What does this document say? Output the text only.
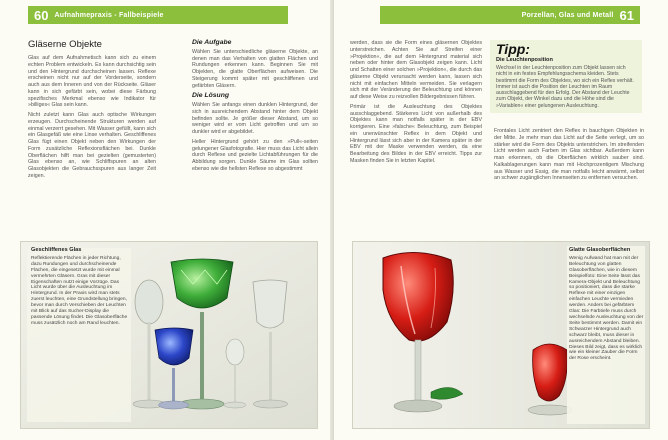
60 Aufnahmepraxis - Fallbeispiele
Gläserne Objekte

Glas auf dem Aufnahmetisch kann sich zu einem echten Problem entwickeln. Es kann durchsichtig sein und den Hintergrund durchscheinen lassen. Reflexe erscheinen nicht nur auf der Vorderseite, sondern auch aus dem Inneren und von der Rückseite. Gläser kann in sich gefärbt sein, wobei diese Färbung spezifisches Merkmal ebenso wie Indikator für »billiges« Glas sein kann.

Nicht zuletzt kann Glas auch optische Wirkungen erzeugen. Durchscheinende Strukturen werden auf einmal verzerrt gesehen. Mit Wasser gefüllt, kann sich ein Glasgefäß wie eine Linse verhalten. Geschliffenes Glas fügt einen Objekt neben den Wirkungen der Form zusätzliche Reflexionsflächen bei. Dunkle Oberflächen hilft man bei gezielten (gemusterten) Glas ebenso an, wie Schliffspuren an alten Glasobjekten die Gebrauchsspuren aus langer Zeit zeigen.

Die Aufgabe

Wählen Sie unterschiedliche gläserne Objekte, an denen man das Verhalten von glatten Flächen und Rundungen erkennen kann. Beginnen Sie mit Objekten, die glatte Oberflächen aufweisen. Die Steigerung kommt später mit geschliffenen und gefärbten Gläsern.

Die Lösung

Wählen Sie anfangs einen dunklen Hintergrund, der sich in ausreichendem Abstand hinter dem Objekt befinden sollte. Je größer dieser Abstand, um so weniger wird er vom Licht getroffen und um so dunkler wird er abgebildet.

Heller Hintergrund gehört zu den »Pull«-seiten gelungener Glasfotografie. Hier muss das Licht allein durch Reflexe und gezielte Lichtabführungen für die Abbildung sorgen. Dunkle Säume im Glas sollten ebenso wie die hellsten Reflexe so abgestimmt

Geschliffenes Glas
Reflektierende Flächen in jeder Richtung, dazu Rundungen und durchscheinende Flächen, die eingesetzt wurde mit einmal vermehrten Gläsern. Gras mit dieser Eigenschaften nutzt einige Vorzüge. Das Licht wurde über die Ausleuchtung im Hintergrund. In der Praxis wird man stets zuerst leuchten, eine Grundstellung bringen, bevor man durch Verschieben der Leuchten mit Blick auf das Sucher-Display die passende Lösung findet. Die Glasoberfläche muss zusätzlich noch am Rand leuchten.
Porzellan, Glas und Metall 61

werden, dass sie die Form eines gläsernen Objektes unterstreichen. Achten Sie auf Streifen einer »Projektion«, die auf dem Hintergrund material sich neben oder hinter dem Glasobjekt zeigen kann. Licht und Schatten einer solchen »Projektion«, die durch das gläserne Objekt verursacht werden kann, lassen sich nicht mit einfachen Mitteln vermeiden. Sie verlagern sich mit der Veränderung der Beleuchtung und können auf diese Weise zu reizvollen Bildergebnissen führen.

Primär ist die Ausleuchtung des Objektes ausschlaggebend. Stärkeres Licht von außerhalb des Objektes kann man notfalls später in der EBV korrigieren. Eine »falsche« Beleuchtung, zum Beispiel ein unerwünschter Reflex in dem Objekt und Hintergrund lässt sich aber in der Kamera später in der EBV mit der Maske verwenden werden, da eine Bearbeitung des Bildes in der EBV erreicht. Tipps zur Masken finden Sie in letzten Kapitel.

Frontales Licht zentriert den Reflex in bauchigen Objekten in der Mitte. Je mehr man das Licht auf die Seite verlegt, um so stärker wird die Form des Objekts unterstrichen. Im streifenden Licht werden auch Farben im Glas sichtbar. Außerdem kann man erkennen, ob die Oberflächen wirklich sauber sind. Kalkablagerungen kann man mit Hochprozentigem Mischung aus Wasser und Essig, die man notfalls leicht anwärmt, selbst an schwer zugänglichen Innenseiten zu entfernen versuchen.

Tipp:
Die Leuchtenposition
Wechsel in der Leuchtenposition zum Objekt lassen sich nicht in ein festes Empfehlungsschema kleiden. Stets bestimmt die Form des Objektes, wo sich ein Reflex verhält. Immer ist auch die Position der Leuchten im Raum ausschlaggebend für den Erfolg. Der Abstand der Leuchte zum Objekt, der Winkel dazu und die Höhe sind die »Variablen« einer gelungenen Ausleuchtung.
Glatte Glasoberflächen
Wenig Aufwand hat man mit der Beleuchtung von glatten Glasoberflächen, wie in diesem Beispielfoto: Eine Seite lässt das Kamera-Objekt und Beleuchtung so positioniert, dass die starke Reflexe mit einer einzigen einfachen Leuchte vermieden werden. Anders bei gefärbtem Glas: Die Farbtiefe muss durch wechselnde Ausleuchtung von der Seite bestimmt werden. Damit ein Schwarzer Hintergrund auch schwarz bleibt, muss dieser in ausreichendem Abstand bleiben. Dieses Bild zeigt, dass es wirklich wie ein kleiner Zauber die Form der Rose erscheint.
